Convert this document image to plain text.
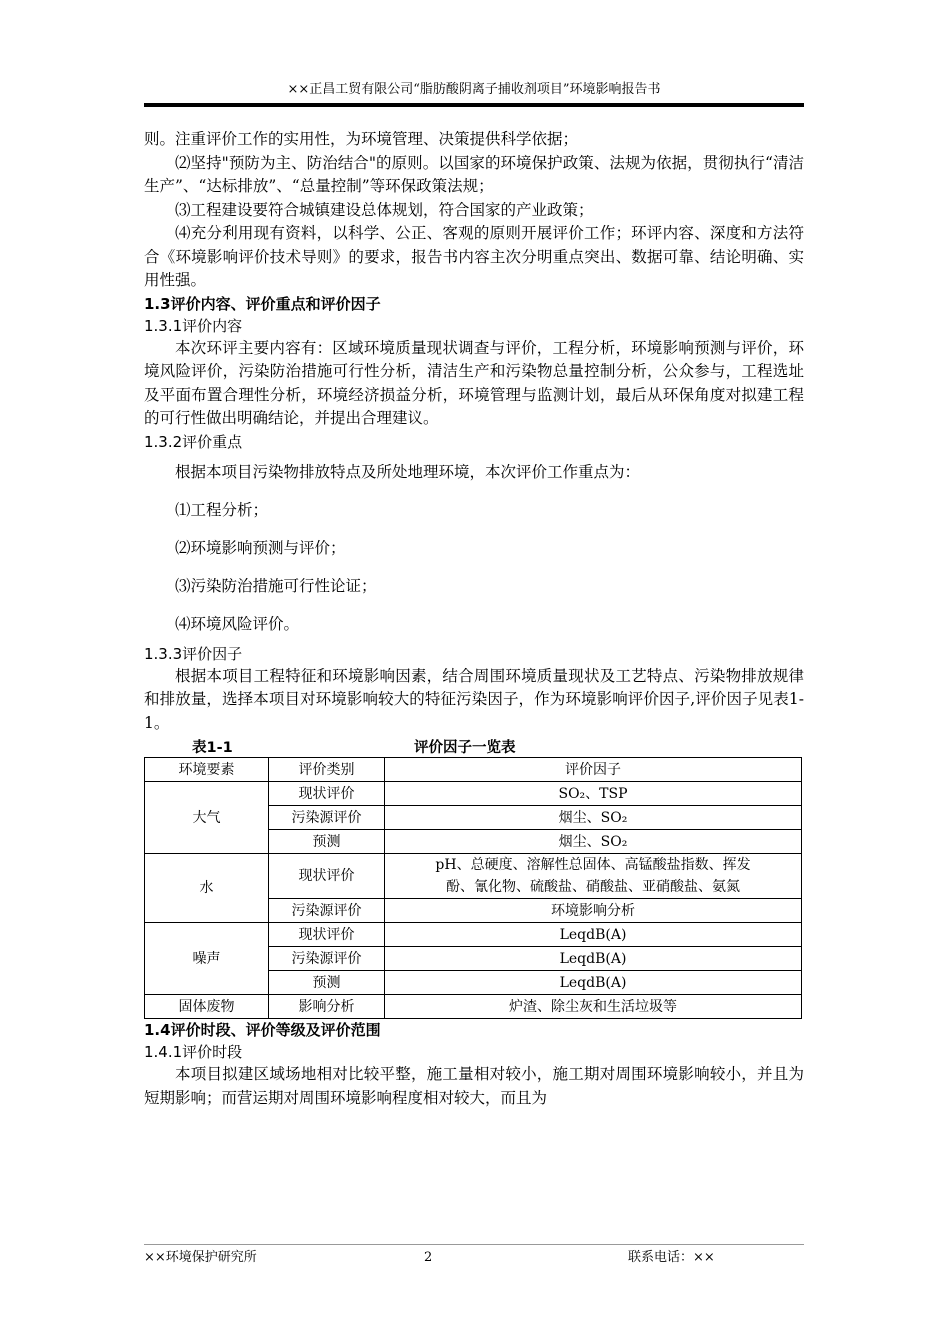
××正昌工贸有限公司“脂肪酸阴离子捕收剂项目”环境影响报告书

则。注重评价工作的实用性，为环境管理、决策提供科学依据；

⑵坚持"预防为主、防治结合"的原则。以国家的环境保护政策、法规为依据，贯彻执行“清洁生产”、“达标排放”、“总量控制”等环保政策法规；

⑶工程建设要符合城镇建设总体规划，符合国家的产业政策；

⑷充分利用现有资料，以科学、公正、客观的原则开展评价工作；环评内容、深度和方法符合《环境影响评价技术导则》的要求，报告书内容主次分明重点突出、数据可靠、结论明确、实用性强。

1.3评价内容、评价重点和评价因子

1.3.1评价内容

本次环评主要内容有：区域环境质量现状调查与评价，工程分析，环境影响预测与评价，环境风险评价，污染防治措施可行性分析，清洁生产和污染物总量控制分析，公众参与，工程选址及平面布置合理性分析，环境经济损益分析，环境管理与监测计划，最后从环保角度对拟建工程的可行性做出明确结论，并提出合理建议。

1.3.2评价重点

根据本项目污染物排放特点及所处地理环境，本次评价工作重点为：

⑴工程分析；

⑵环境影响预测与评价；

⑶污染防治措施可行性论证；

⑷环境风险评价。

1.3.3评价因子

根据本项目工程特征和环境影响因素，结合周围环境质量现状及工艺特点、污染物排放规律和排放量，选择本项目对环境影响较大的特征污染因子，作为环境影响评价因子,评价因子见表1-1。

表1-1	评价因子一览表
环境要素	评价类别	评价因子
大气	现状评价	SO₂、TSP
	污染源评价	烟尘、SO₂
	预测	烟尘、SO₂
水	现状评价	pH、总硬度、溶解性总固体、高锰酸盐指数、挥发
酚、氰化物、硫酸盐、硝酸盐、亚硝酸盐、氨氮

	污染源评价	环境影响分析
噪声	现状评价	LeqdB(A)
	污染源评价	LeqdB(A)
	预测	LeqdB(A)
固体废物	影响分析	炉渣、除尘灰和生活垃圾等

1.4评价时段、评价等级及评价范围

1.4.1评价时段

本项目拟建区域场地相对比较平整，施工量相对较小，施工期对周围环境影响较小，并且为短期影响；而营运期对周围环境影响程度相对较大，而且为

××环境保护研究所	2	联系电话：××
